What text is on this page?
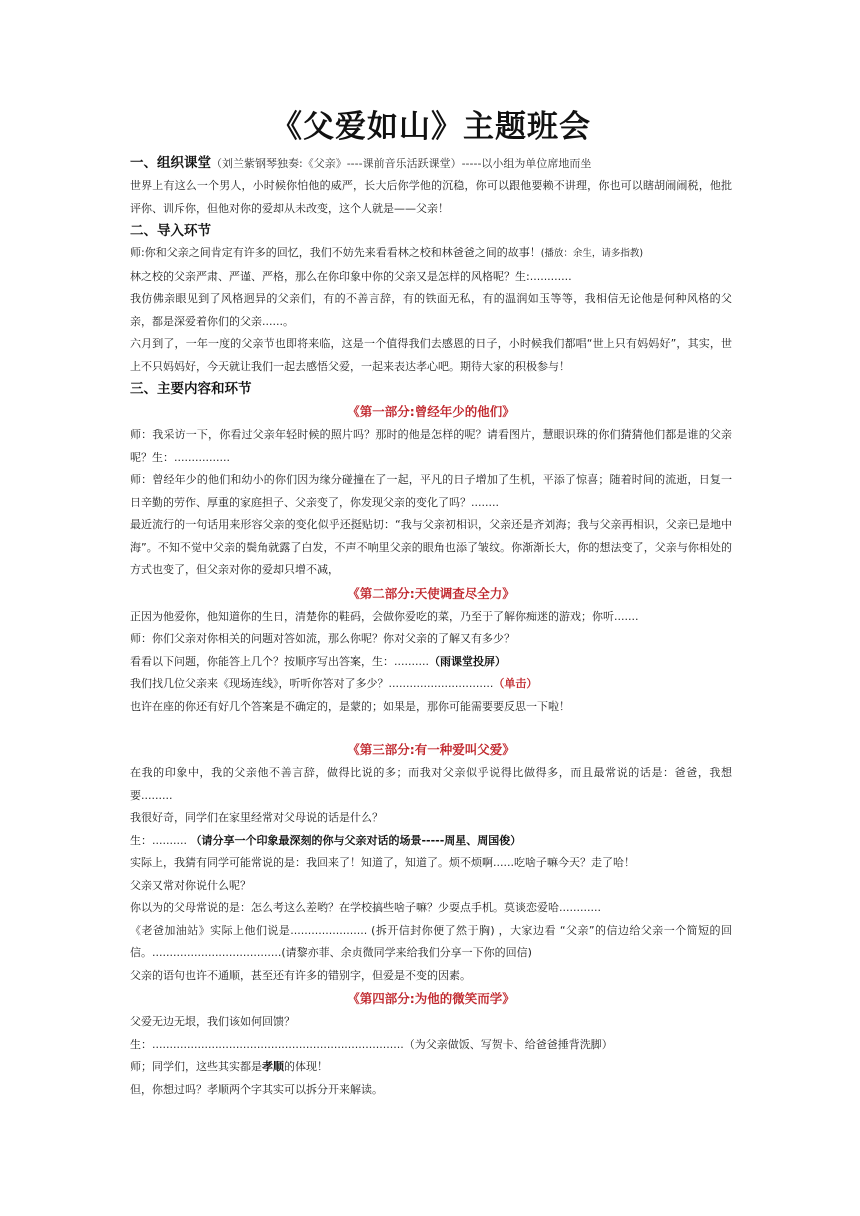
《父爱如山》主题班会
一、组织课堂（刘兰紫钢琴独奏:《父亲》----课前音乐活跃课堂）-----以小组为单位席地而坐

世界上有这么一个男人，小时候你怕他的威严，长大后你学他的沉稳，你可以跟他要赖不讲理，你也可以瞎胡闹闹税，他批评你、训斥你，但他对你的爱却从未改变，这个人就是——父亲！

二、导入环节

师:你和父亲之间肯定有许多的回忆，我们不妨先来看看林之校和林爸爸之间的故事！(播放：余生，请多指教)

林之校的父亲严肃、严谨、严格，那么在你印象中你的父亲又是怎样的风格呢？生:............

我仿佛亲眼见到了风格迥异的父亲们，有的不善言辞，有的铁面无私，有的温润如玉等等，我相信无论他是何种风格的父亲，都是深爱着你们的父亲......。

六月到了，一年一度的父亲节也即将来临，这是一个值得我们去感恩的日子，小时候我们都唱“世上只有妈妈好”，其实，世上不只妈妈好，今天就让我们一起去感悟父爱，一起来表达孝心吧。期待大家的积极参与！

三、主要内容和环节
《第一部分:曾经年少的他们》

师：我采访一下，你看过父亲年轻时候的照片吗？那时的他是怎样的呢？请看图片，慧眼识珠的你们猜猜他们都是谁的父亲呢？生：................

师：曾经年少的他们和幼小的你们因为缘分碰撞在了一起，平凡的日子增加了生机，平添了惊喜；随着时间的流逝，日复一日辛勤的劳作、厚重的家庭担子、父亲变了，你发现父亲的变化了吗？........

最近流行的一句话用来形容父亲的变化似乎还挺贴切：“我与父亲初相识，父亲还是齐刘海；我与父亲再相识，父亲已是地中海”。不知不觉中父亲的鬓角就露了白发，不声不响里父亲的眼角也添了皱纹。你渐渐长大，你的想法变了，父亲与你相处的方式也变了，但父亲对你的爱却只增不减，

《第二部分:天使调查尽全力》

正因为他爱你，他知道你的生日，清楚你的鞋码，会做你爱吃的菜，乃至于了解你痴迷的游戏；你听.......

师：你们父亲对你相关的问题对答如流，那么你呢？你对父亲的了解又有多少？

看看以下问题，你能答上几个？按顺序写出答案，生：..........（雨课堂投屏）

我们找几位父亲来《现场连线》，听听你答对了多少？..............................（单击）

也许在座的你还有好几个答案是不确定的，是蒙的；如果是，那你可能需要要反思一下啦！

《第三部分:有一种爱叫父爱》

在我的印象中，我的父亲他不善言辞，做得比说的多；而我对父亲似乎说得比做得多，而且最常说的话是：爸爸，我想要.........

我很好奇，同学们在家里经常对父母说的话是什么？

生：.......... （请分享一个印象最深刻的你与父亲对话的场景-----周星、周国俊）

实际上，我猜有同学可能常说的是：我回来了！知道了，知道了。烦不烦啊......吃啥子嘛今天？走了哈！

父亲又常对你说什么呢？

你以为的父母常说的是：怎么考这么差哟？在学校搞些啥子嘛？少耍点手机。莫谈恋爱哈............

《老爸加油站》实际上他们说是...................... (拆开信封你便了然于胸) ，大家边看 “父亲”的信边给父亲一个简短的回信。.....................................(请黎亦菲、余贞微同学来给我们分享一下你的回信)

父亲的语句也许不通顺，甚至还有许多的错别字，但爱是不变的因素。

《第四部分:为他的微笑而学》

父爱无边无垠，我们该如何回馈？

生：........................................................................（为父亲做饭、写贺卡、给爸爸捶背洗脚）

师；同学们，这些其实都是孝顺的体现！

但，你想过吗？孝顺两个字其实可以拆分开来解读。
